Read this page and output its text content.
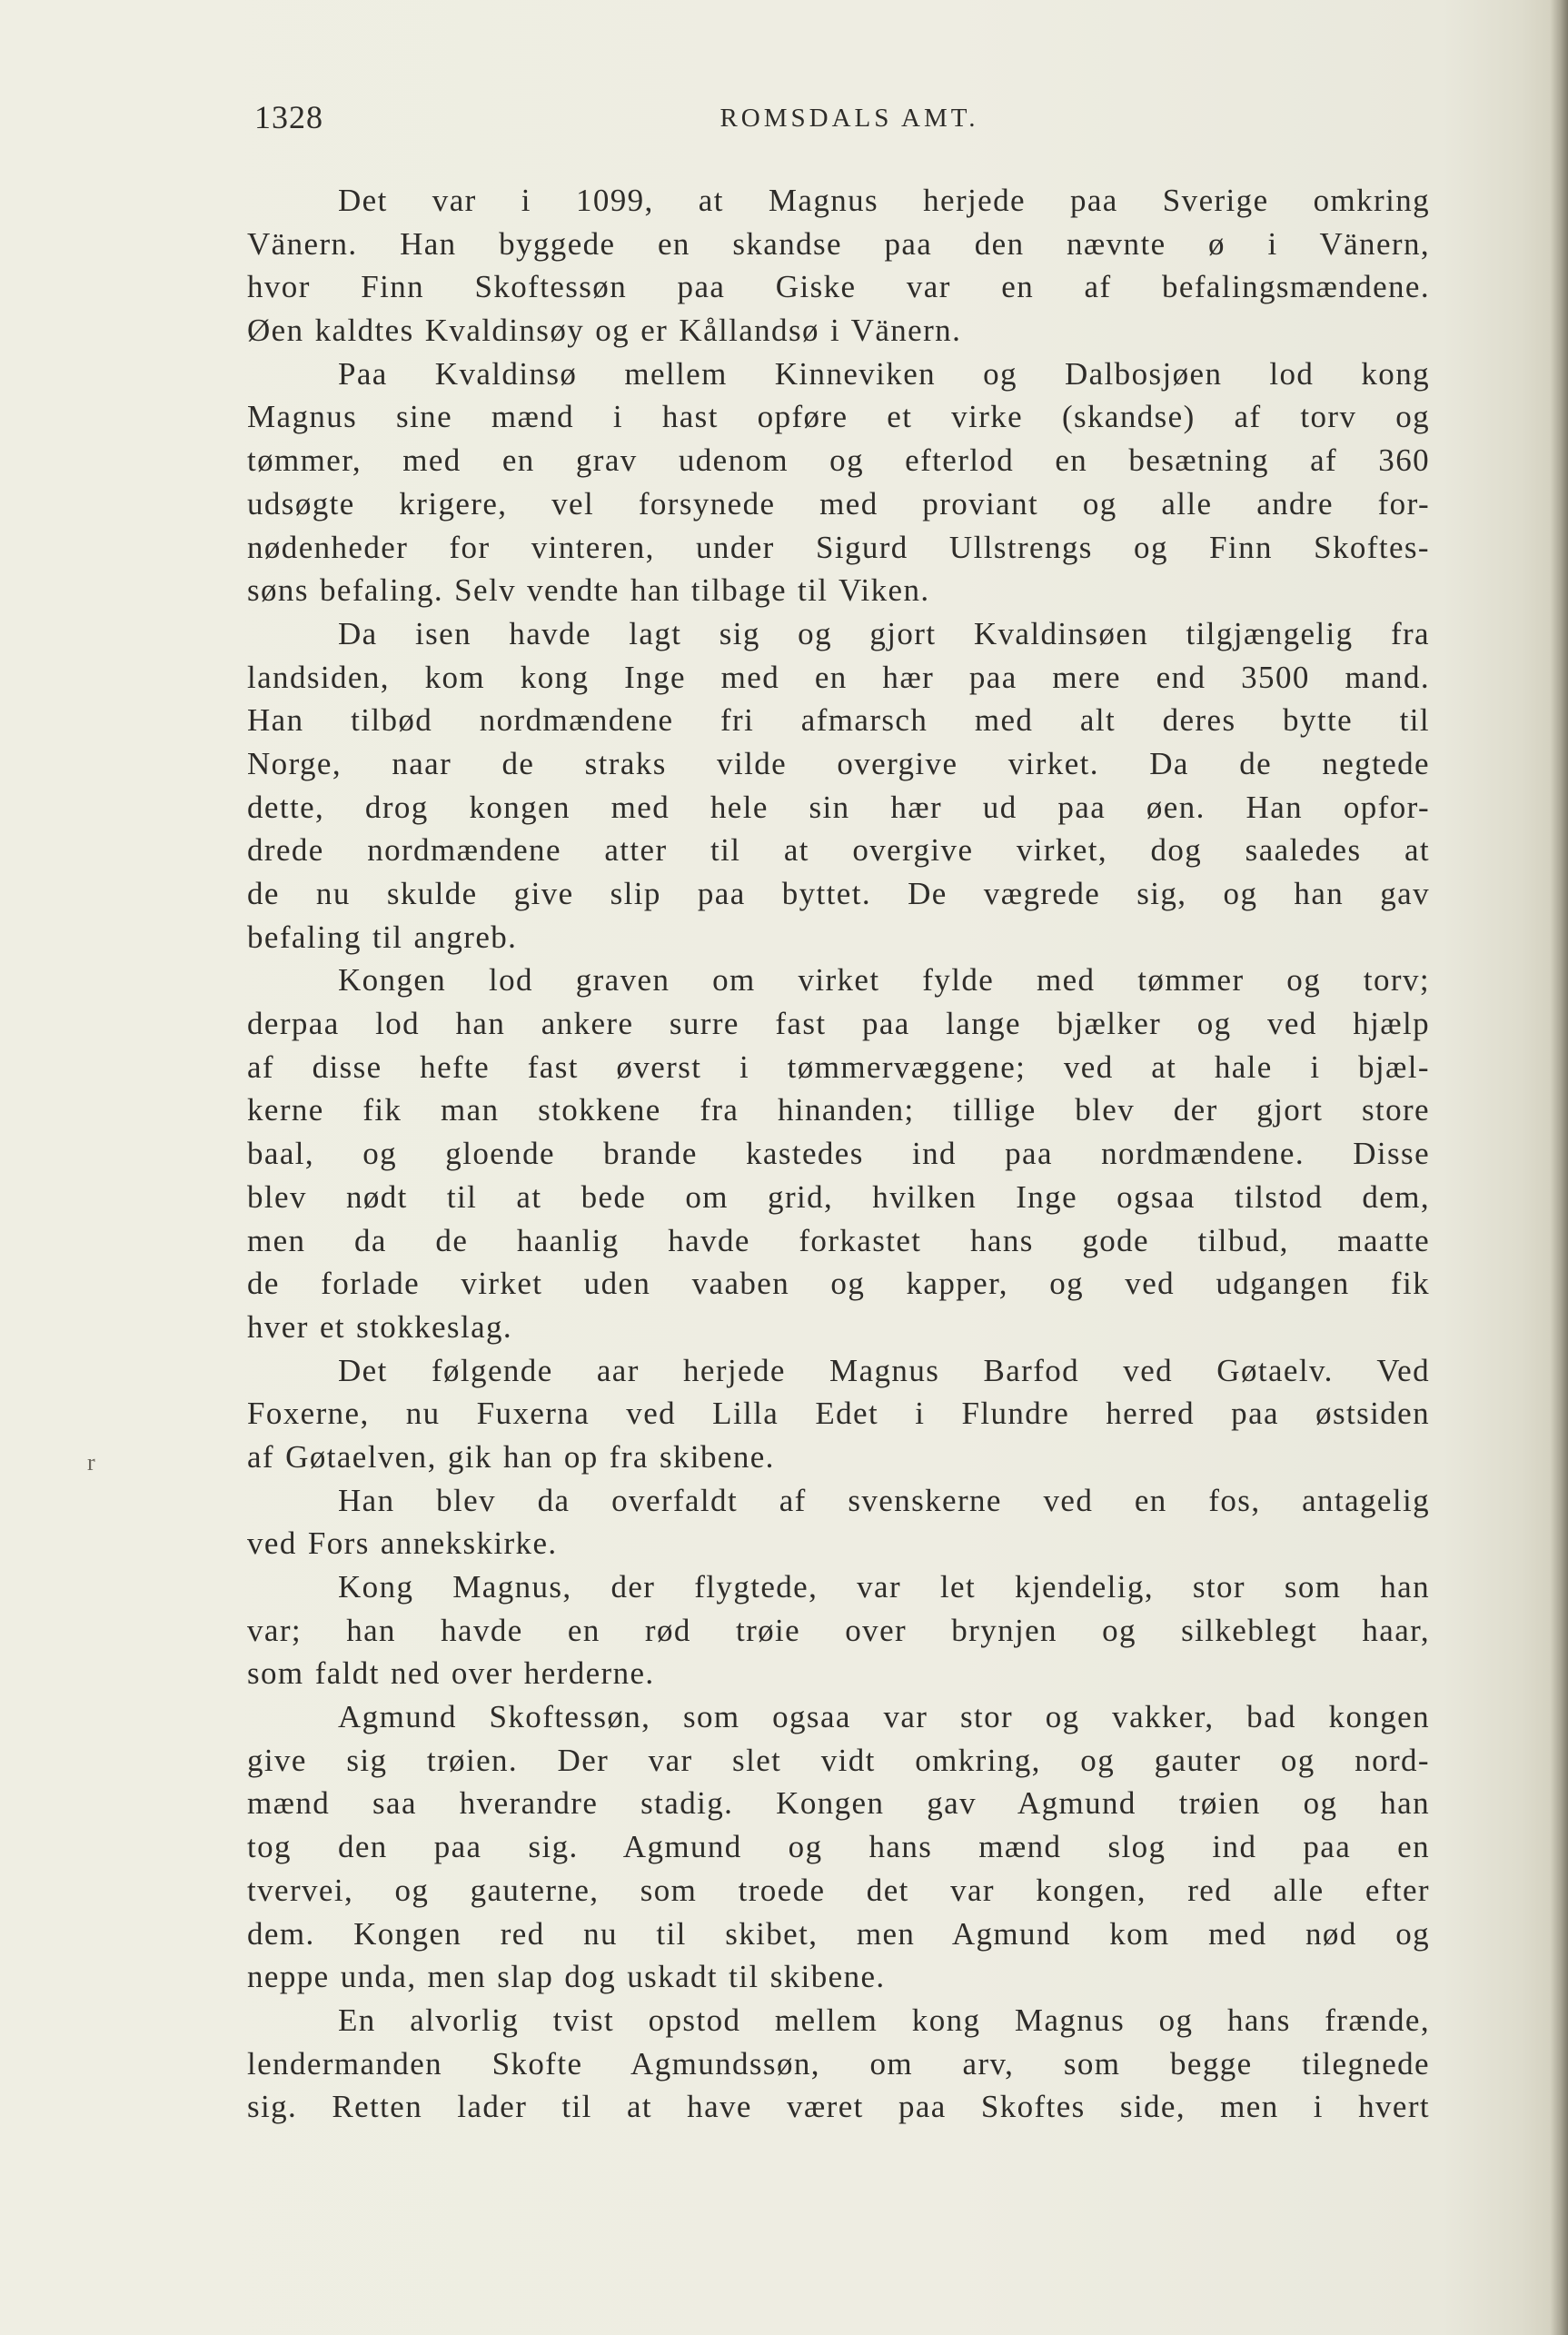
1328	ROMSDALS AMT.
r
Det var i 1099, at Magnus herjede paa Sverige omkring
Vänern. Han byggede en skandse paa den nævnte ø i Vänern,
hvor Finn Skoftessøn paa Giske var en af befalingsmændene.
Øen kaldtes Kvaldinsøy og er Kållandsø i Vänern.
Paa Kvaldinsø mellem Kinneviken og Dalbosjøen lod kong
Magnus sine mænd i hast opføre et virke (skandse) af torv og
tømmer, med en grav udenom og efterlod en besætning af 360
udsøgte krigere, vel forsynede med proviant og alle andre for-
nødenheder for vinteren, under Sigurd Ullstrengs og Finn Skoftes-
søns befaling. Selv vendte han tilbage til Viken.
Da isen havde lagt sig og gjort Kvaldinsøen tilgjængelig fra
landsiden, kom kong Inge med en hær paa mere end 3500 mand.
Han tilbød nordmændene fri afmarsch med alt deres bytte til
Norge, naar de straks vilde overgive virket. Da de negtede
dette, drog kongen med hele sin hær ud paa øen. Han opfor-
drede nordmændene atter til at overgive virket, dog saaledes at
de nu skulde give slip paa byttet. De vægrede sig, og han gav
befaling til angreb.
Kongen lod graven om virket fylde med tømmer og torv;
derpaa lod han ankere surre fast paa lange bjælker og ved hjælp
af disse hefte fast øverst i tømmervæggene; ved at hale i bjæl-
kerne fik man stokkene fra hinanden; tillige blev der gjort store
baal, og gloende brande kastedes ind paa nordmændene. Disse
blev nødt til at bede om grid, hvilken Inge ogsaa tilstod dem,
men da de haanlig havde forkastet hans gode tilbud, maatte
de forlade virket uden vaaben og kapper, og ved udgangen fik
hver et stokkeslag.
Det følgende aar herjede Magnus Barfod ved Gøtaelv. Ved
Foxerne, nu Fuxerna ved Lilla Edet i Flundre herred paa østsiden
af Gøtaelven, gik han op fra skibene.
Han blev da overfaldt af svenskerne ved en fos, antagelig
ved Fors annekskirke.
Kong Magnus, der flygtede, var let kjendelig, stor som han
var; han havde en rød trøie over brynjen og silkeblegt haar,
som faldt ned over herderne.
Agmund Skoftessøn, som ogsaa var stor og vakker, bad kongen
give sig trøien. Der var slet vidt omkring, og gauter og nord-
mænd saa hverandre stadig. Kongen gav Agmund trøien og han
tog den paa sig. Agmund og hans mænd slog ind paa en
tvervei, og gauterne, som troede det var kongen, red alle efter
dem. Kongen red nu til skibet, men Agmund kom med nød og
neppe unda, men slap dog uskadt til skibene.
En alvorlig tvist opstod mellem kong Magnus og hans frænde,
lendermanden Skofte Agmundssøn, om arv, som begge tilegnede
sig. Retten lader til at have været paa Skoftes side, men i hvert
